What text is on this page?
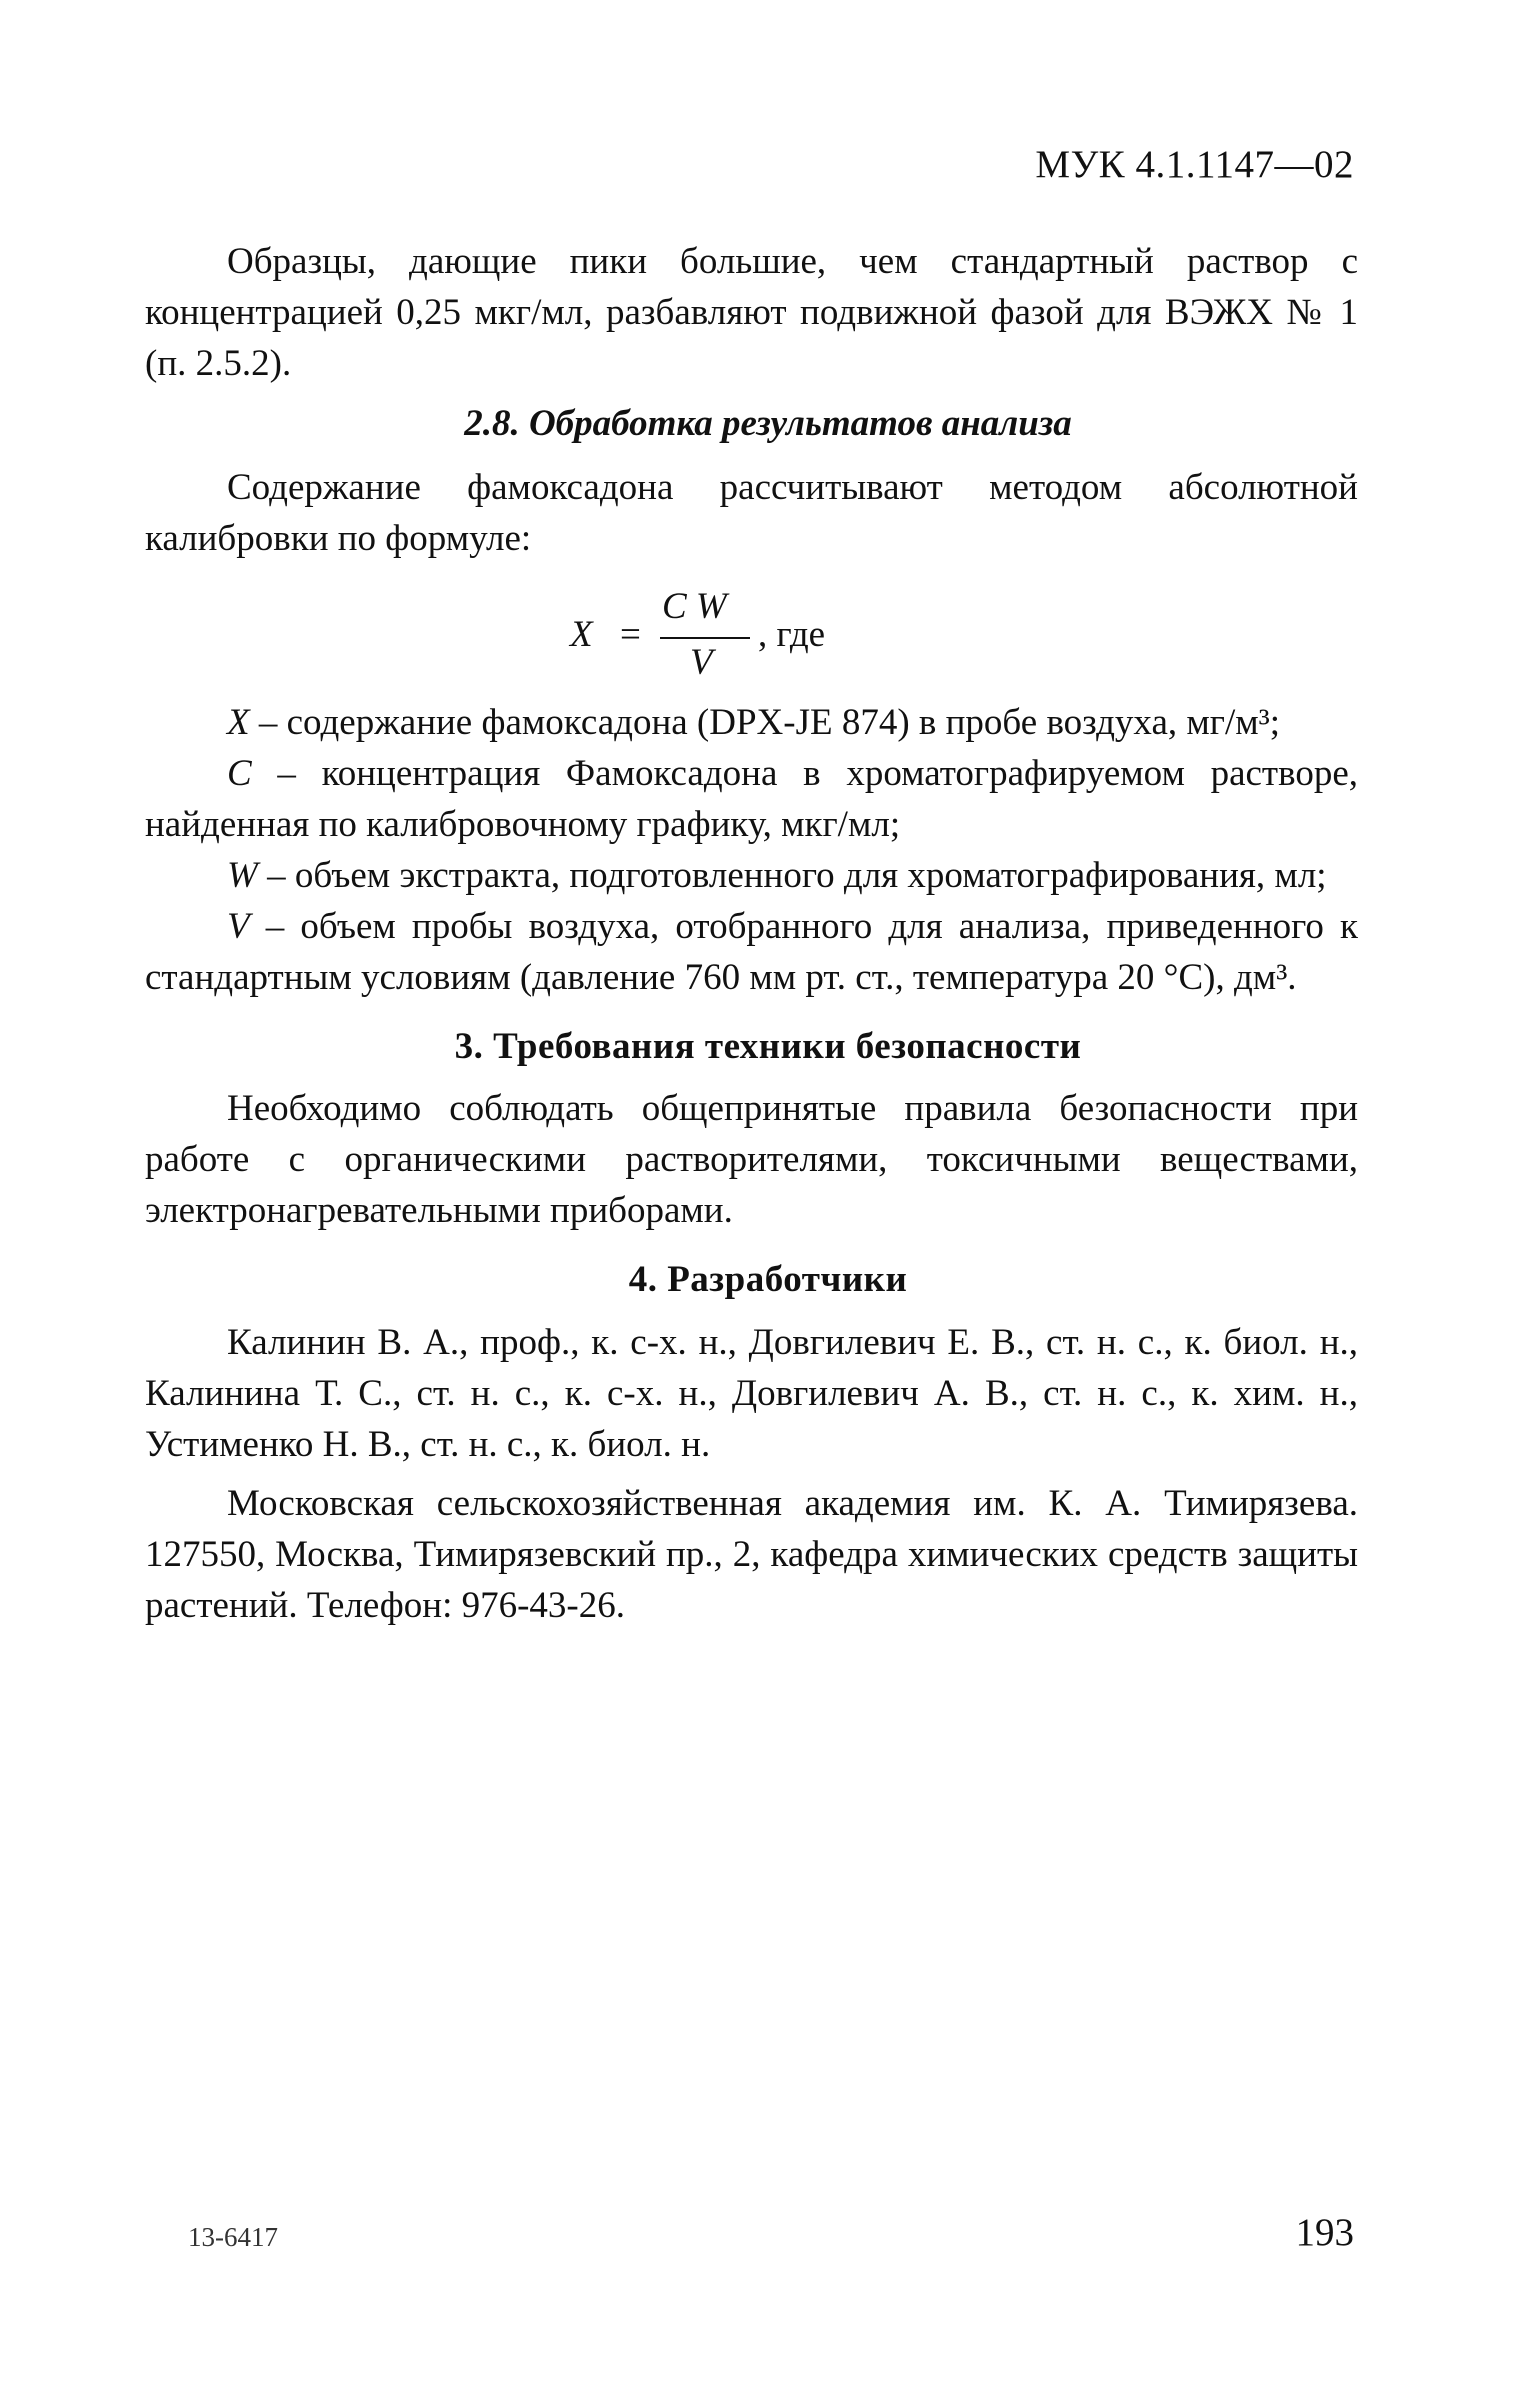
МУК 4.1.1147—02

Образцы, дающие пики большие, чем стандартный раствор с концентрацией 0,25 мкг/мл, разбавляют подвижной фазой для ВЭЖХ № 1 (п. 2.5.2).

2.8. Обработка результатов анализа

Содержание фамоксадона рассчитывают методом абсолютной калибровки по формуле:

X =
C W
V
, где

X – содержание фамоксадона (DPX-JE 874) в пробе воздуха, мг/м³;

C – концентрация Фамоксадона в хроматографируемом растворе, найденная по калибровочному графику, мкг/мл;

W – объем экстракта, подготовленного для хроматографирования, мл;

V – объем пробы воздуха, отобранного для анализа, приведенного к стандартным условиям (давление 760 мм рт. ст., температура 20 °С), дм³.

3. Требования техники безопасности

Необходимо соблюдать общепринятые правила безопасности при работе с органическими растворителями, токсичными веществами, электронагревательными приборами.

4. Разработчики

Калинин В. А., проф., к. с-х. н., Довгилевич Е. В., ст. н. с., к. биол. н., Калинина Т. С., ст. н. с., к. с-х. н., Довгилевич А. В., ст. н. с., к. хим. н., Устименко Н. В., ст. н. с., к. биол. н.

Московская сельскохозяйственная академия им. К. А. Тимирязева. 127550, Москва, Тимирязевский пр., 2, кафедра химических средств защиты растений. Телефон: 976-43-26.

13-6417	193
